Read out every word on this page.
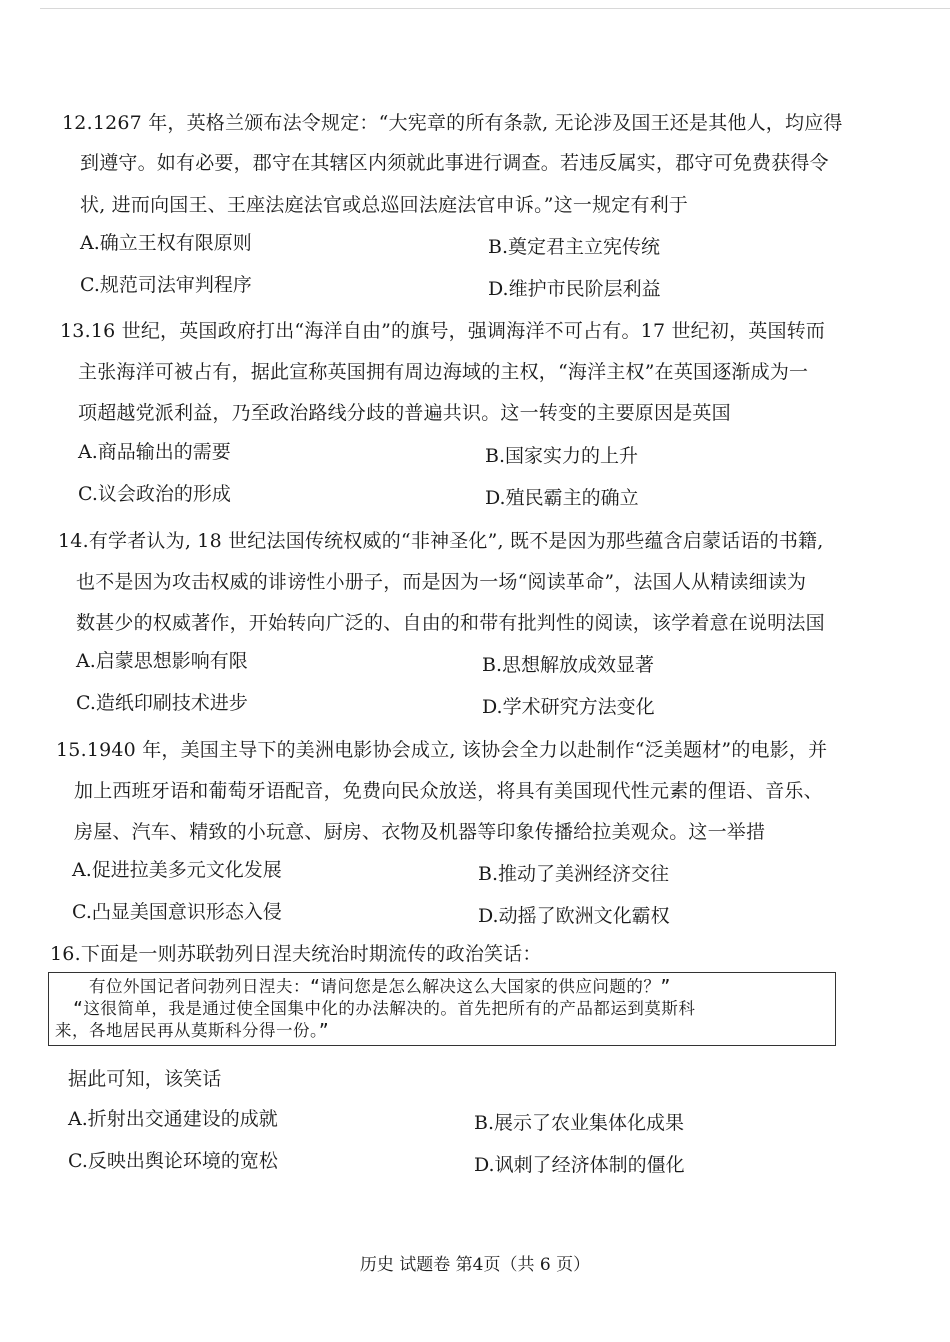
12.1267 年，英格兰颁布法令规定：“大宪章的所有条款, 无论涉及国王还是其他人，均应得
到遵守。如有必要，郡守在其辖区内须就此事进行调查。若违反属实，郡守可免费获得令
状, 进而向国王、王座法庭法官或总巡回法庭法官申诉。”这一规定有利于
A.确立王权有限原则	B.奠定君主立宪传统
C.规范司法审判程序	D.维护市民阶层利益
13.16 世纪，英国政府打出“海洋自由”的旗号，强调海洋不可占有。17 世纪初，英国转而
主张海洋可被占有，据此宣称英国拥有周边海域的主权，“海洋主权”在英国逐渐成为一
项超越党派利益，乃至政治路线分歧的普遍共识。这一转变的主要原因是英国
A.商品输出的需要	B.国家实力的上升
C.议会政治的形成	D.殖民霸主的确立
14.有学者认为, 18 世纪法国传统权威的“非神圣化”, 既不是因为那些蕴含启蒙话语的书籍,
也不是因为攻击权威的诽谤性小册子，而是因为一场“阅读革命”，法国人从精读细读为
数甚少的权威著作，开始转向广泛的、自由的和带有批判性的阅读，该学着意在说明法国
A.启蒙思想影响有限	B.思想解放成效显著
C.造纸印刷技术进步	D.学术研究方法变化
15.1940 年，美国主导下的美洲电影协会成立, 该协会全力以赴制作“泛美题材”的电影，并
加上西班牙语和葡萄牙语配音，免费向民众放送，将具有美国现代性元素的俚语、音乐、
房屋、汽车、精致的小玩意、厨房、衣物及机器等印象传播给拉美观众。这一举措
A.促进拉美多元文化发展	B.推动了美洲经济交往
C.凸显美国意识形态入侵	D.动摇了欧洲文化霸权
16.下面是一则苏联勃列日涅夫统治时期流传的政治笑话：
有位外国记者问勃列日涅夫：“请问您是怎么解决这么大国家的供应问题的？”
“这很简单，我是通过使全国集中化的办法解决的。首先把所有的产品都运到莫斯科
来，各地居民再从莫斯科分得一份。”
据此可知，该笑话
A.折射出交通建设的成就	B.展示了农业集体化成果
C.反映出舆论环境的宽松	D.讽刺了经济体制的僵化
历史 试题卷 第4页（共 6 页）
